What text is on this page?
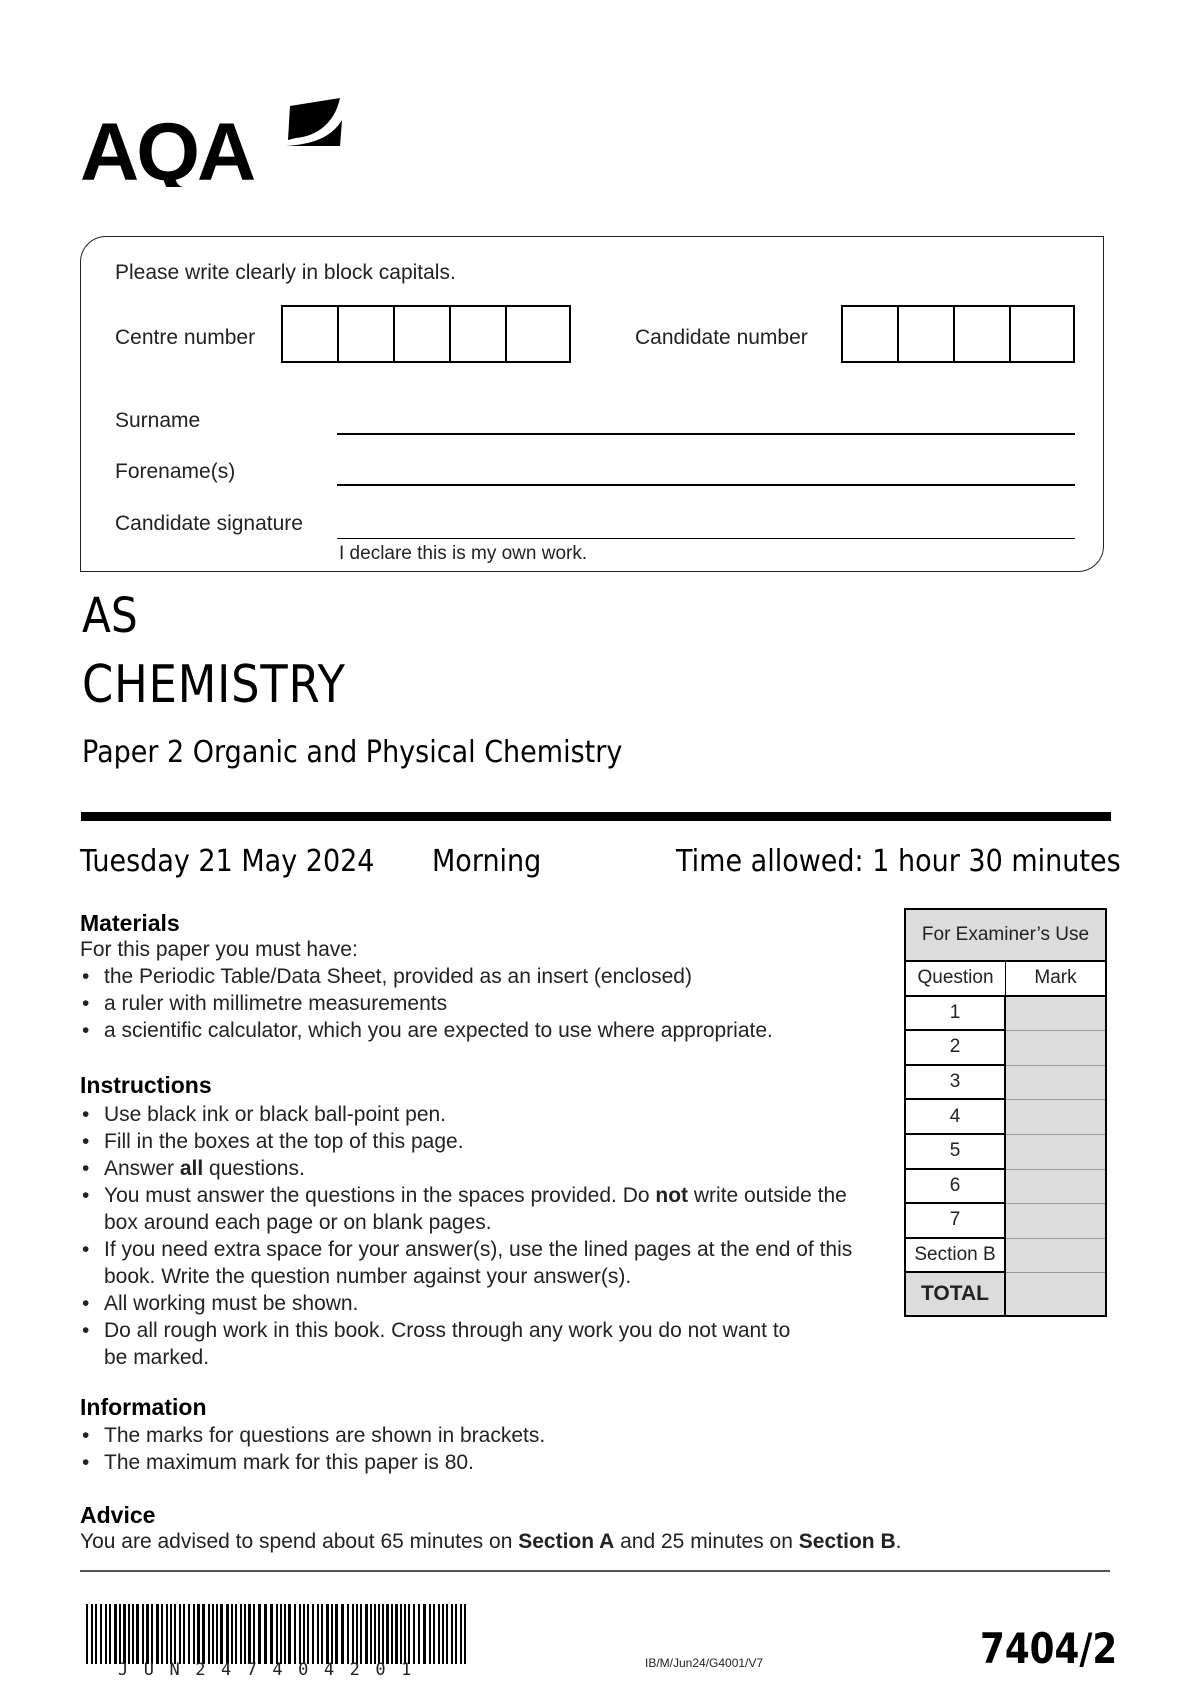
AQA
Please write clearly in block capitals.
Centre number	Candidate number
Surname
Forename(s)
Candidate signature
I declare this is my own work.
AS
CHEMISTRY
Paper 2 Organic and Physical Chemistry
Tuesday 21 May 2024 Morning	Time allowed: 1 hour 30 minutes
Materials
For this paper you must have:
• the Periodic Table/Data Sheet, provided as an insert (enclosed)
• a ruler with millimetre measurements
• a scientific calculator, which you are expected to use where appropriate.
Instructions
• Use black ink or black ball-point pen.
• Fill in the boxes at the top of this page.
• Answer all questions.
• You must answer the questions in the spaces provided. Do not write outside the box around each page or on blank pages.
• If you need extra space for your answer(s), use the lined pages at the end of this book. Write the question number against your answer(s).
• All working must be shown.
• Do all rough work in this book. Cross through any work you do not want to be marked.
Information
• The marks for questions are shown in brackets.
• The maximum mark for this paper is 80.
Advice
You are advised to spend about 65 minutes on Section A and 25 minutes on Section B.
For Examiner’s Use
Question	Mark
1
2
3
4
5
6
7
Section B
TOTAL
JUN247404201	IB/M/Jun24/G4001/V7	7404/2
